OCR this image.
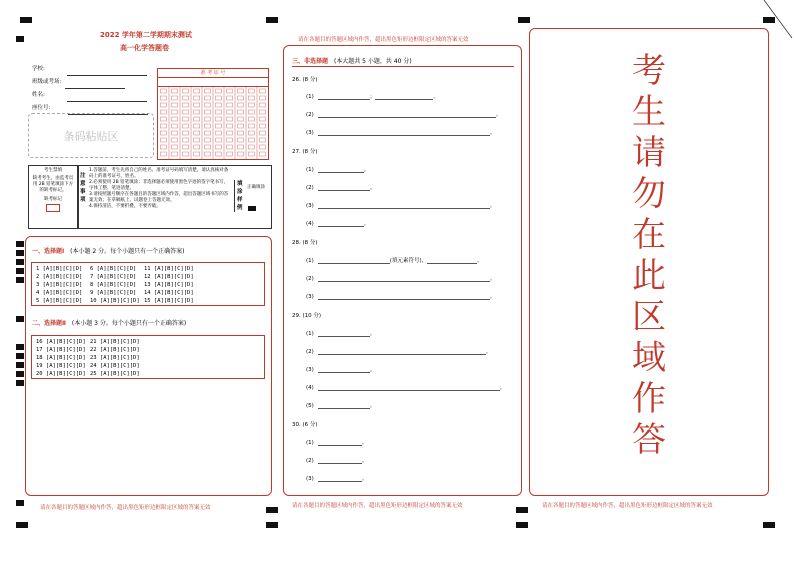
2022 学年第二学期期末测试
高一化学答题卷
学校:
班级或考场:
姓名:
座位号:
条码粘贴区
准 考 证 号
考生禁填
缺考考生，由监考员用 2B 铅笔填涂下方的缺考标记。
缺考标记
注意事项
1.答题前，考生先将自己的姓名、准考证号码填写清楚，请认真核对条码上的准考证号、姓名。
2.必须使用 2B 铅笔填涂；非选择题必须使用黑色字迹的签字笔书写，字体工整、笔迹清楚。
3.请按照题号顺序在各题目的答题区域内作答，超出答题区域书写的答案无效；在草稿纸上、试题卷上答题无效。
4.保持清洁，不要折叠，不要弄破。
填涂样例
正确填涂
一、选择题Ⅰ (本小题 2 分。每个小题只有一个正确答案)
1 [A][B][C][D] 6 [A][B][C][D] 11 [A][B][C][D]
2 [A][B][C][D] 7 [A][B][C][D] 12 [A][B][C][D]
3 [A][B][C][D] 8 [A][B][C][D] 13 [A][B][C][D]
4 [A][B][C][D] 9 [A][B][C][D] 14 [A][B][C][D]
5 [A][B][C][D] 10 [A][B][C][D] 15 [A][B][C][D]
二、选择题Ⅱ (本小题 3 分。每个小题只有一个正确答案)
16 [A][B][C][D] 21 [A][B][C][D]
17 [A][B][C][D] 22 [A][B][C][D]
18 [A][B][C][D] 23 [A][B][C][D]
19 [A][B][C][D] 24 [A][B][C][D]
20 [A][B][C][D] 25 [A][B][C][D]
请在各题目的答题区域内作答，超出黑色矩形边框限定区域的答案无效
请在各题目的答题区域内作答，超出黑色矩形边框限定区域的答案无效
三、非选择题 (本大题共 5 小题，共 40 分)
26. (8 分)
(1)	；	。
(2)	。
(3)	。
27. (8 分)
(1)	。
(2)	。
(3)	。
(4)	。
28. (8 分)
(1)	(填元素符号)，	。
(2)	。
(3)	。
29. (10 分)
(1)	。
(2)	。
(3)	。
(4)	。
(5)	。
30. (6 分)
(1)	。
(2)	。
(3)	。
请在各题目的答题区域内作答，超出黑色矩形边框限定区域的答案无效
考
生
请
勿
在
此
区
域
作
答
请在各题目的答题区域内作答，超出黑色矩形边框限定区域的答案无效
